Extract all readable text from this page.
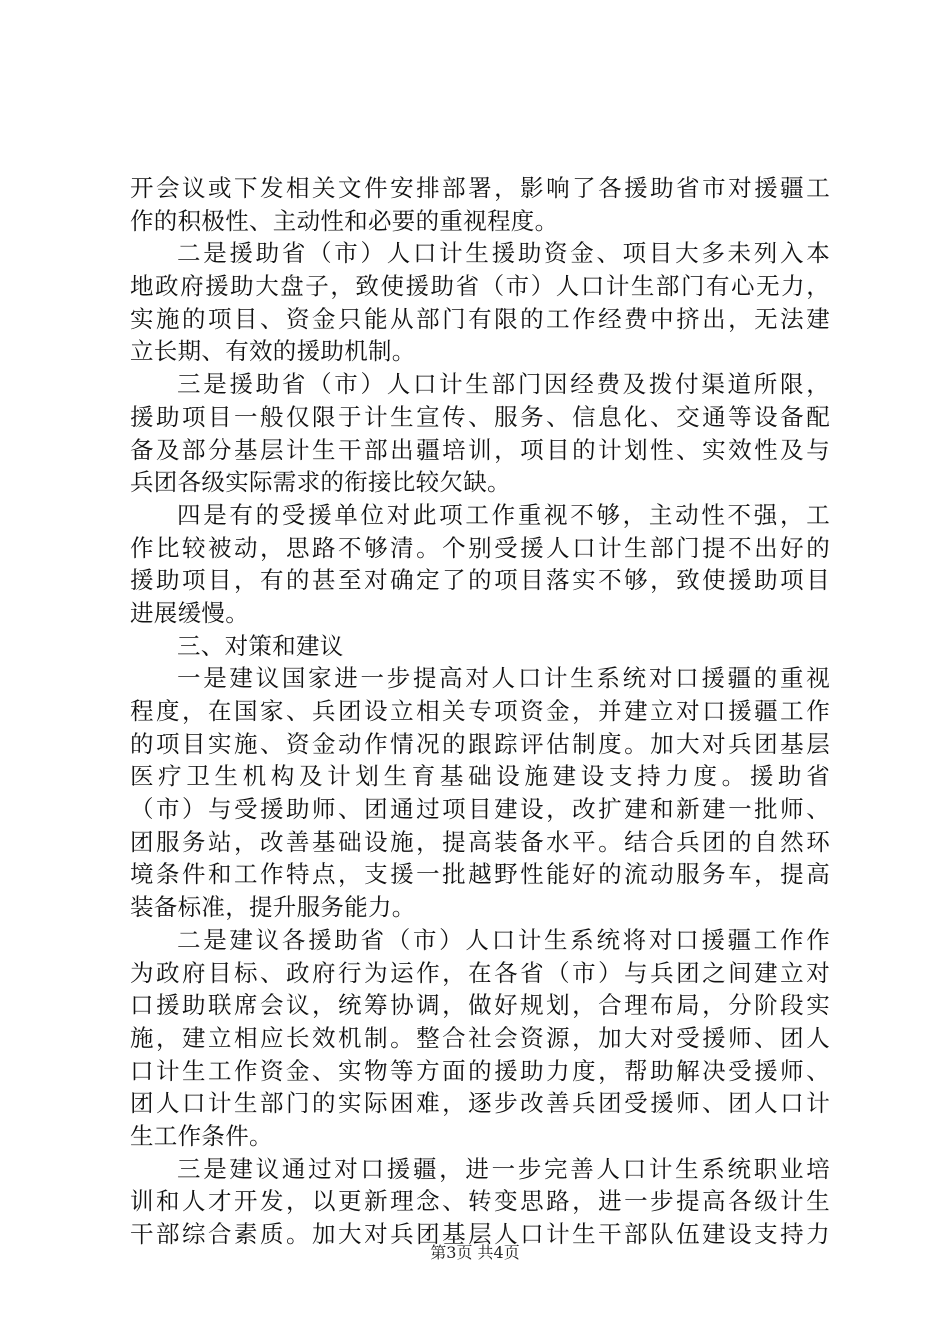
开会议或下发相关文件安排部署，影响了各援助省市对援疆工
作的积极性、主动性和必要的重视程度。
二是援助省（市）人口计生援助资金、项目大多未列入本
地政府援助大盘子，致使援助省（市）人口计生部门有心无力，
实施的项目、资金只能从部门有限的工作经费中挤出，无法建
立长期、有效的援助机制。
三是援助省（市）人口计生部门因经费及拨付渠道所限，
援助项目一般仅限于计生宣传、服务、信息化、交通等设备配
备及部分基层计生干部出疆培训，项目的计划性、实效性及与
兵团各级实际需求的衔接比较欠缺。
四是有的受援单位对此项工作重视不够，主动性不强，工
作比较被动，思路不够清。个别受援人口计生部门提不出好的
援助项目，有的甚至对确定了的项目落实不够，致使援助项目
进展缓慢。
三、对策和建议
一是建议国家进一步提高对人口计生系统对口援疆的重视
程度，在国家、兵团设立相关专项资金，并建立对口援疆工作
的项目实施、资金动作情况的跟踪评估制度。加大对兵团基层
医疗卫生机构及计划生育基础设施建设支持力度。援助省
（市）与受援助师、团通过项目建设，改扩建和新建一批师、
团服务站，改善基础设施，提高装备水平。结合兵团的自然环
境条件和工作特点，支援一批越野性能好的流动服务车，提高
装备标准，提升服务能力。
二是建议各援助省（市）人口计生系统将对口援疆工作作
为政府目标、政府行为运作，在各省（市）与兵团之间建立对
口援助联席会议，统筹协调，做好规划，合理布局，分阶段实
施，建立相应长效机制。整合社会资源，加大对受援师、团人
口计生工作资金、实物等方面的援助力度，帮助解决受援师、
团人口计生部门的实际困难，逐步改善兵团受援师、团人口计
生工作条件。
三是建议通过对口援疆，进一步完善人口计生系统职业培
训和人才开发，以更新理念、转变思路，进一步提高各级计生
干部综合素质。加大对兵团基层人口计生干部队伍建设支持力
第3页 共4页
